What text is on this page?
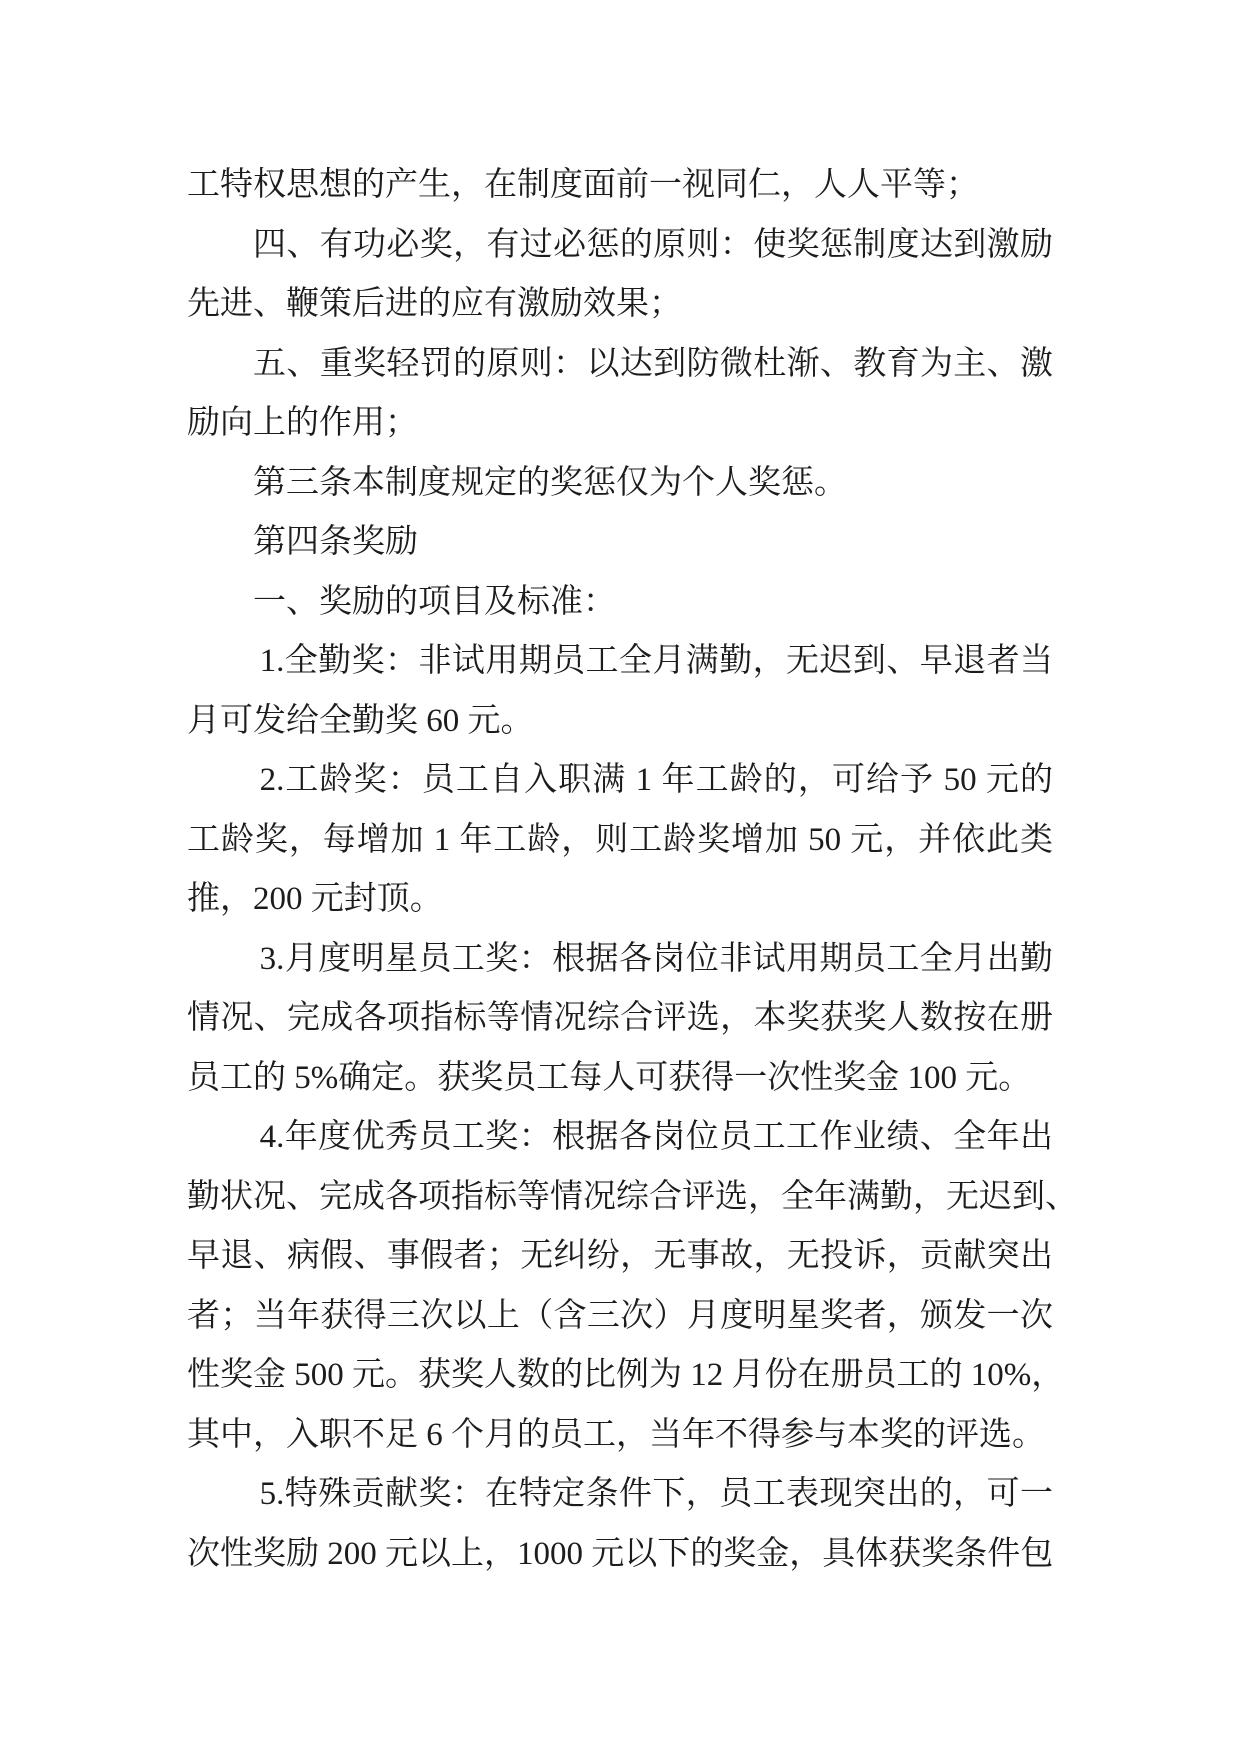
工特权思想的产生，在制度面前一视同仁，人人平等；
四、有功必奖，有过必惩的原则：使奖惩制度达到激励
先进、鞭策后进的应有激励效果；
五、重奖轻罚的原则：以达到防微杜渐、教育为主、激
励向上的作用；
第三条本制度规定的奖惩仅为个人奖惩。
第四条奖励
一、奖励的项目及标准：
1.全勤奖：非试用期员工全月满勤，无迟到、早退者当
月可发给全勤奖 60 元。
2.工龄奖：员工自入职满 1 年工龄的，可给予 50 元的
工龄奖，每增加 1 年工龄，则工龄奖增加 50 元，并依此类
推，200 元封顶。
3.月度明星员工奖：根据各岗位非试用期员工全月出勤
情况、完成各项指标等情况综合评选，本奖获奖人数按在册
员工的 5%确定。获奖员工每人可获得一次性奖金 100 元。
4.年度优秀员工奖：根据各岗位员工工作业绩、全年出
勤状况、完成各项指标等情况综合评选，全年满勤，无迟到、
早退、病假、事假者；无纠纷，无事故，无投诉，贡献突出
者；当年获得三次以上（含三次）月度明星奖者，颁发一次
性奖金 500 元。获奖人数的比例为 12 月份在册员工的 10%，
其中，入职不足 6 个月的员工，当年不得参与本奖的评选。
5.特殊贡献奖：在特定条件下，员工表现突出的，可一
次性奖励 200 元以上，1000 元以下的奖金，具体获奖条件包
